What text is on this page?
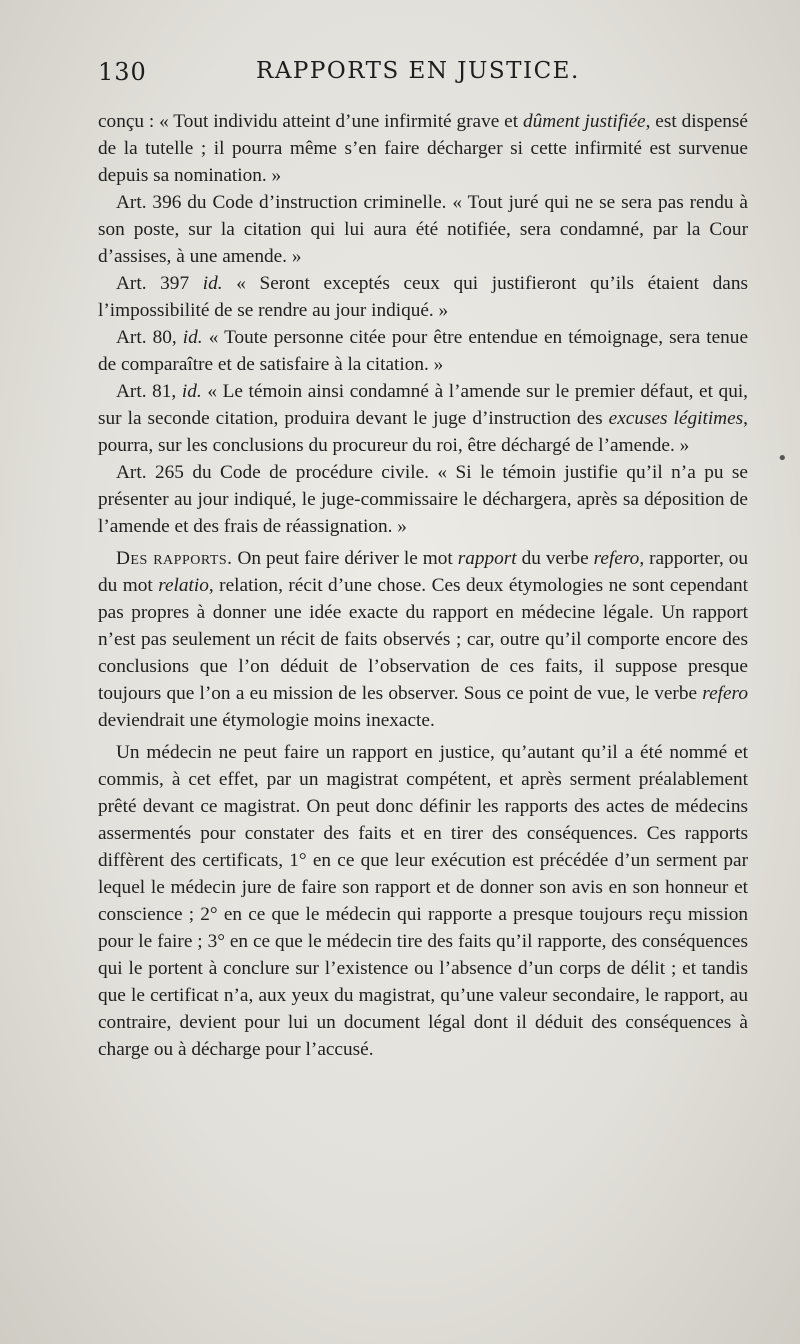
130	RAPPORTS EN JUSTICE.

conçu : « Tout individu atteint d’une infirmité grave et dûment justifiée, est dispensé de la tutelle ; il pourra même s’en faire décharger si cette infirmité est survenue depuis sa nomination. »

Art. 396 du Code d’instruction criminelle. « Tout juré qui ne se sera pas rendu à son poste, sur la citation qui lui aura été notifiée, sera condamné, par la Cour d’assises, à une amende. »

Art. 397 id. « Seront exceptés ceux qui justifieront qu’ils étaient dans l’impossibilité de se rendre au jour indiqué. »

Art. 80, id. « Toute personne citée pour être entendue en témoignage, sera tenue de comparaître et de satisfaire à la citation. »

Art. 81, id. « Le témoin ainsi condamné à l’amende sur le premier défaut, et qui, sur la seconde citation, produira devant le juge d’instruction des excuses légitimes, pourra, sur les conclusions du procureur du roi, être déchargé de l’amende. »

Art. 265 du Code de procédure civile. « Si le témoin justifie qu’il n’a pu se présenter au jour indiqué, le juge-commissaire le déchargera, après sa déposition de l’amende et des frais de réassignation. »

Des rapports. On peut faire dériver le mot rapport du verbe refero, rapporter, ou du mot relatio, relation, récit d’une chose. Ces deux étymologies ne sont cependant pas propres à donner une idée exacte du rapport en médecine légale. Un rapport n’est pas seulement un récit de faits observés ; car, outre qu’il comporte encore des conclusions que l’on déduit de l’observation de ces faits, il suppose presque toujours que l’on a eu mission de les observer. Sous ce point de vue, le verbe refero deviendrait une étymologie moins inexacte.

Un médecin ne peut faire un rapport en justice, qu’autant qu’il a été nommé et commis, à cet effet, par un magistrat compétent, et après serment préalablement prêté devant ce magistrat. On peut donc définir les rapports des actes de médecins assermentés pour constater des faits et en tirer des conséquences. Ces rapports diffèrent des certificats, 1° en ce que leur exécution est précédée d’un serment par lequel le médecin jure de faire son rapport et de donner son avis en son honneur et conscience ; 2° en ce que le médecin qui rapporte a presque toujours reçu mission pour le faire ; 3° en ce que le médecin tire des faits qu’il rapporte, des conséquences qui le portent à conclure sur l’existence ou l’absence d’un corps de délit ; et tandis que le certificat n’a, aux yeux du magistrat, qu’une valeur secondaire, le rapport, au contraire, devient pour lui un document légal dont il déduit des conséquences à charge ou à décharge pour l’accusé.

•
